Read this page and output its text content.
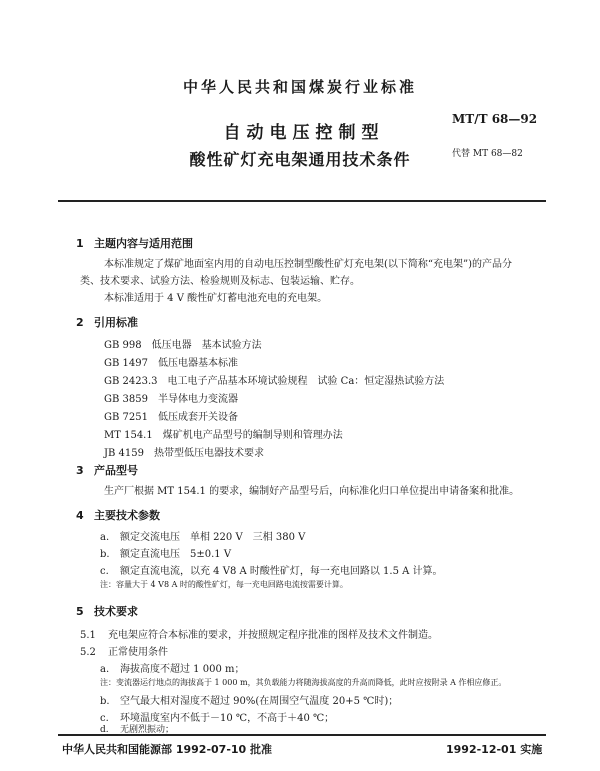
中华人民共和国煤炭行业标准
MT/T 68—92
自动电压控制型
代替 MT 68—82
酸性矿灯充电架通用技术条件
1 主题内容与适用范围
本标准规定了煤矿地面室内用的自动电压控制型酸性矿灯充电架(以下简称“充电架”)的产品分
类、技术要求、试验方法、检验规则及标志、包装运输、贮存。
本标准适用于 4 V 酸性矿灯蓄电池充电的充电架。
2 引用标准
GB 998　低压电器　基本试验方法
GB 1497　低压电器基本标准
GB 2423.3　电工电子产品基本环境试验规程　试验 Ca：恒定湿热试验方法
GB 3859　半导体电力变流器
GB 7251　低压成套开关设备
MT 154.1　煤矿机电产品型号的编制导则和管理办法
JB 4159　热带型低压电器技术要求
3 产品型号
生产厂根据 MT 154.1 的要求，编制好产品型号后，向标准化归口单位提出申请备案和批准。
4 主要技术参数
a. 额定交流电压　单相 220 V　三相 380 V
b. 额定直流电压　5±0.1 V
c. 额定直流电流，以充 4 V8 A 时酸性矿灯，每一充电回路以 1.5 A 计算。
注：容量大于 4 V8 A 时的酸性矿灯，每一充电回路电流按需要计算。
5 技术要求
5.1 充电架应符合本标准的要求，并按照规定程序批准的图样及技术文件制造。
5.2 正常使用条件
a. 海拔高度不超过 1 000 m；
注：变流器运行地点的海拔高于 1 000 m，其负载能力将随海拔高度的升高而降低，此时应按附录 A 作相应修正。
b. 空气最大相对湿度不超过 90%(在周围空气温度 20+5 ℃时)；
c. 环境温度室内不低于－10 ℃，不高于＋40 ℃；
d. 无剧烈振动；
中华人民共和国能源部 1992-07-10 批准	1992-12-01 实施
